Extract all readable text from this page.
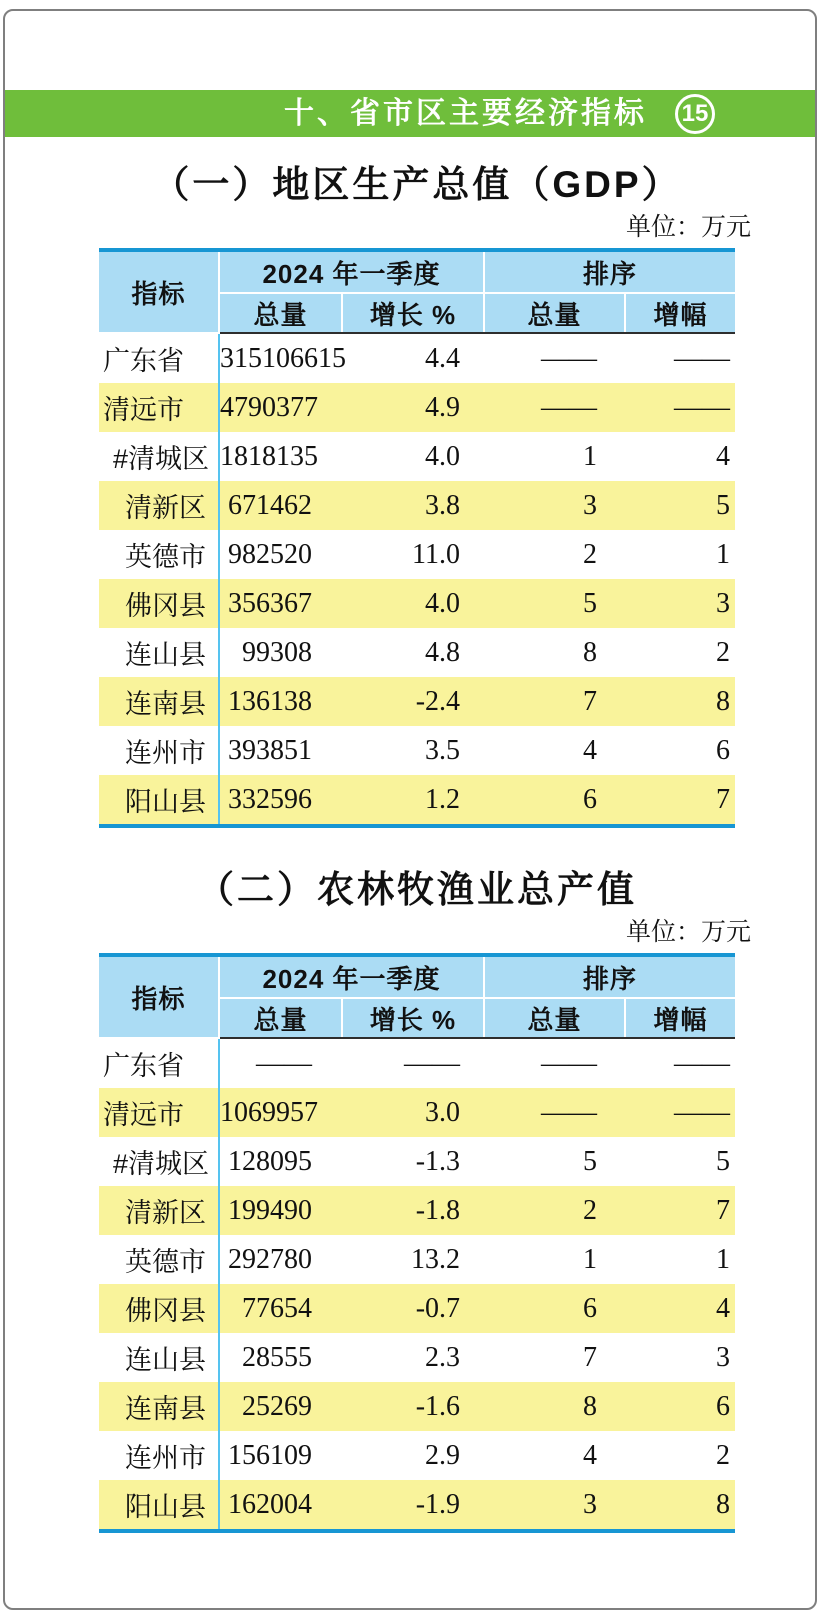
十、省市区主要经济指标 15
（一）地区生产总值（GDP）
单位：万元
指标	2024 年一季度		排序	
	总量	增长 %	总量	增幅
广东省	315106615	4.4	——	——
清远市	4790377	4.9	——	——
#清城区	1818135	4.0	1	4
清新区	671462	3.8	3	5
英德市	982520	11.0	2	1
佛冈县	356367	4.0	5	3
连山县	99308	4.8	8	2
连南县	136138	-2.4	7	8
连州市	393851	3.5	4	6
阳山县	332596	1.2	6	7
（二）农林牧渔业总产值
单位：万元
指标	2024 年一季度		排序	
	总量	增长 %	总量	增幅
广东省	——	——	——	——
清远市	1069957	3.0	——	——
#清城区	128095	-1.3	5	5
清新区	199490	-1.8	2	7
英德市	292780	13.2	1	1
佛冈县	77654	-0.7	6	4
连山县	28555	2.3	7	3
连南县	25269	-1.6	8	6
连州市	156109	2.9	4	2
阳山县	162004	-1.9	3	8
